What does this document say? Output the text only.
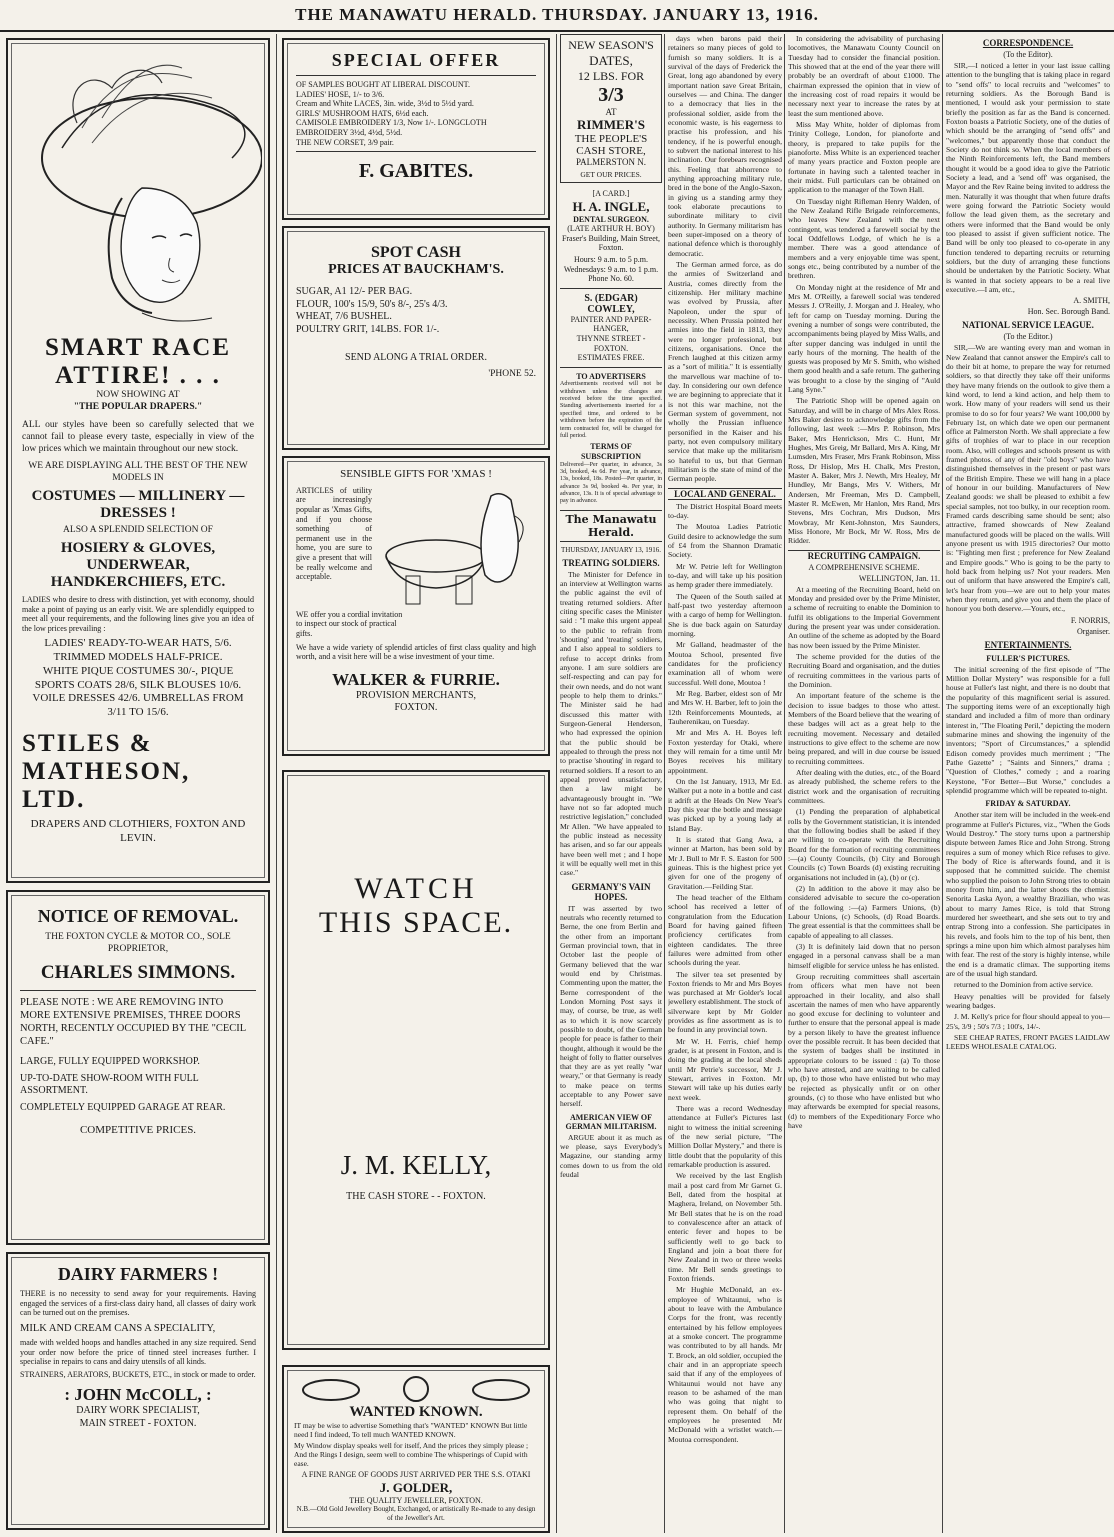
THE MANAWATU HERALD. THURSDAY. JANUARY 13, 1916.
SMART RACE
ATTIRE! . . .
NOW SHOWING AT
"THE POPULAR DRAPERS."

ALL our styles have been so carefully selected that we cannot fail to please every taste, especially in view of the low prices which we maintain throughout our new stock.

WE ARE DISPLAYING ALL THE BEST OF THE NEW MODELS IN
COSTUMES — MILLINERY — DRESSES !
ALSO A SPLENDID SELECTION OF
HOSIERY & GLOVES, UNDERWEAR, HANDKERCHIEFS, ETC.

LADIES who desire to dress with distinction, yet with economy, should make a point of paying us an early visit. We are splendidly equipped to meet all your requirements, and the following lines give you an idea of the low prices prevailing :

LADIES' READY-TO-WEAR HATS, 5/6.
TRIMMED MODELS HALF-PRICE.
WHITE PIQUE COSTUMES 30/-, PIQUE SPORTS COATS 28/6, SILK BLOUSES 10/6.
VOILE DRESSES 42/6. UMBRELLAS FROM 3/11 TO 15/6.
STILES &
MATHESON, LTD.
DRAPERS AND CLOTHIERS, FOXTON AND LEVIN.
NOTICE OF REMOVAL.
THE FOXTON CYCLE & MOTOR CO., SOLE PROPRIETOR,
CHARLES SIMMONS.
PLEASE NOTE : WE ARE REMOVING INTO MORE EXTENSIVE PREMISES, THREE DOORS NORTH, RECENTLY OCCUPIED BY THE "CECIL CAFE."
LARGE, FULLY EQUIPPED WORKSHOP.
UP-TO-DATE SHOW-ROOM WITH FULL ASSORTMENT.
COMPLETELY EQUIPPED GARAGE AT REAR.
COMPETITIVE PRICES.
DAIRY FARMERS !

THERE is no necessity to send away for your requirements. Having engaged the services of a first-class dairy hand, all classes of dairy work can be turned out on the premises.

MILK AND CREAM CANS A SPECIALITY,

made with welded hoops and handles attached in any size required. Send your order now before the price of tinned steel increases further. I specialise in repairs to cans and dairy utensils of all kinds.

STRAINERS, AERATORS, BUCKETS, ETC., in stock or made to order.
: JOHN McCOLL, :
DAIRY WORK SPECIALIST,
MAIN STREET - FOXTON.
SPECIAL OFFER
OF SAMPLES BOUGHT AT LIBERAL DISCOUNT.
LADIES' HOSE, 1/- to 3/6.
Cream and White LACES, 3in. wide, 3½d to 5½d yard.
GIRLS' MUSHROOM HATS, 6½d each.
CAMISOLE EMBROIDERY 1/3, Now 1/-. LONGCLOTH EMBROIDERY 3½d, 4½d, 5½d.
THE NEW CORSET, 3/9 pair.
F. GABITES.
SPOT CASH
PRICES AT BAUCKHAM'S.
SUGAR, A1 12/- PER BAG.
FLOUR, 100's 15/9, 50's 8/-, 25's 4/3.
WHEAT, 7/6 BUSHEL.
POULTRY GRIT, 14LBS. FOR 1/-.
SEND ALONG A TRIAL ORDER.
'PHONE 52.
SENSIBLE GIFTS FOR 'XMAS !
ARTICLES of utility are increasingly popular as 'Xmas Gifts, and if you choose something of permanent use in the home, you are sure to give a present that will be really welcome and acceptable.
WE offer you a cordial invitation to inspect our stock of practical gifts.
We have a wide variety of splendid articles of first class quality and high worth, and a visit here will be a wise investment of your time.
WALKER & FURRIE.
PROVISION MERCHANTS,
FOXTON.
WATCH
THIS SPACE.
J. M. KELLY,
THE CASH STORE - - FOXTON.
WANTED KNOWN.
IT may be wise to advertise Something that's "WANTED" KNOWN But little need I find indeed, To tell much WANTED KNOWN.
My Window display speaks well for itself, And the prices they simply please ; And the Rings I design, seem well to combine The whisperings of Cupid with ease.
A FINE RANGE OF GOODS JUST ARRIVED PER THE S.S. OTAKI
J. GOLDER,
THE QUALITY JEWELLER, FOXTON.
N.B.—Old Gold Jewellery Bought, Exchanged, or artistically Re-made to any design of the Jeweller's Art.
NEW SEASON'S
DATES,
12 LBS. FOR
3/3
AT
RIMMER'S
THE PEOPLE'S
CASH STORE,
PALMERSTON N.
GET OUR PRICES.
[A CARD.]
H. A. INGLE,
DENTAL SURGEON.
(LATE ARTHUR H. BOY)
Fraser's Building, Main Street, Foxton.
Hours: 9 a.m. to 5 p.m. Wednesdays: 9 a.m. to 1 p.m.
Phone No. 60.
S. (EDGAR) COWLEY,
PAINTER AND PAPER-HANGER,
THYNNE STREET - FOXTON.
ESTIMATES FREE.
TO ADVERTISERS

Advertisements received will not be withdrawn unless the changes are received before the time specified. Standing advertisements inserted for a specified time, and ordered to be withdrawn before the expiration of the term contracted for, will be charged for full period.

TERMS OF SUBSCRIPTION

Delivered—Per quarter, in advance, 3s 3d, booked, 4s 6d. Per year, in advance, 13s, booked, 18s. Posted—Per quarter, in advance 3s 9d, booked 4s. Per year, in advance, 13s. It is of special advantage to pay in advance.

The Manawatu Herald.
THURSDAY, JANUARY 13, 1916.
TREATING SOLDIERS.

The Minister for Defence in an interview at Wellington warns the public against the evil of treating returned soldiers. After citing specific cases the Minister said : "I make this urgent appeal to the public to refrain from 'shouting' and 'treating' soldiers, and I also appeal to soldiers to refuse to accept drinks from anyone. I am sure soldiers are self-respecting and can pay for their own needs, and do not want people to help them to drinks." The Minister said he had discussed this matter with Surgeon-General Henderson, who had expressed the opinion that the public should be appealed to through the press not to practise 'shouting' in regard to returned soldiers. If a resort to an appeal proved unsatisfactory, then a law might be advantageously brought in. "We have not so far adopted much restrictive legislation," concluded Mr Allen. "We have appealed to the public instead as necessity has arisen, and so far our appeals have been well met ; and I hope it will be equally well met in this case."

GERMANY'S VAIN HOPES.

IT was asserted by two neutrals who recently returned to Berne, the one from Berlin and the other from an important German provincial town, that in October last the people of Germany believed that the war would end by Christmas. Commenting upon the matter, the Berne correspondent of the London Morning Post says it may, of course, be true, as well as to which it is now scarcely possible to doubt, of the German people for peace is father to their thought, although it would be the height of folly to flatter ourselves that they are as yet really "war weary," or that Germany is ready to make peace on terms acceptable to any Power save herself.

AMERICAN VIEW OF GERMAN MILITARISM.

ARGUE about it as much as we please, says Everybody's Magazine, our standing army comes down to us from the old feudal

days when barons paid their retainers so many pieces of gold to furnish so many soldiers. It is a survival of the days of Frederick the Great, long ago abandoned by every important nation save Great Britain, ourselves — and China. The danger to a democracy that lies in the professional soldier, aside from the economic waste, is his eagerness to practise his profession, and his tendency, if he is powerful enough, to subvert the national interest to his inclination. Our forebears recognised this. Feeling that abhorrence to anything approaching military rule, bred in the bone of the Anglo-Saxon, in giving us a standing army they took elaborate precautions to subordinate military to civil authority. In Germany militarism has been super-imposed on a theory of national defence which is thoroughly democratic.

The German armed force, as do the armies of Switzerland and Austria, comes directly from the citizenship. Her military machine was evolved by Prussia, after Napoleon, under the spur of necessity. When Prussia pointed her armies into the field in 1813, they were no longer professional, but citizens, organisations. Once the French laughed at this citizen army as a "sort of militia." It is essentially the marvellous war machine of to-day. In considering our own defence we are beginning to appreciate that it is not this war machine, not the German system of government, not wholly the Prussian influence personified in the Kaiser and his party, not even compulsory military service that make up the militarism so hateful to us, but that German militarism is the state of mind of the German people.

LOCAL AND GENERAL.

The District Hospital Board meets to-day.

The Moutoa Ladies Patriotic Guild desire to acknowledge the sum of £4 from the Shannon Dramatic Society.

Mr W. Petrie left for Wellington to-day, and will take up his position as hemp grader there immediately.

The Queen of the South sailed at half-past two yesterday afternoon with a cargo of hemp for Wellington. She is due back again on Saturday morning.

Mr Galland, headmaster of the Moutoa School, presented five candidates for the proficiency examination all of whom were successful. Well done, Moutoa !

Mr Reg. Barber, eldest son of Mr and Mrs W. H. Barber, left to join the 12th Reinforcements Mounteds, at Tauherenikau, on Tuesday.

Mr and Mrs A. H. Boyes left Foxton yesterday for Otaki, where they will remain for a time until Mr Boyes receives his military appointment.

On the 1st January, 1913, Mr Ed. Walker put a note in a bottle and cast it adrift at the Heads On New Year's Day this year the bottle and message was picked up by a young lady at Island Bay.

It is stated that Gang Awa, a winner at Marton, has been sold by Mr J. Bull to Mr F. S. Easton for 500 guineas. This is the highest price yet given for one of the progeny of Gravitation.—Feilding Star.

The head teacher of the Eltham school has received a letter of congratulation from the Education Board for having gained fifteen proficiency certificates from eighteen candidates. The three failures were admitted from other schools during the year.

The silver tea set presented by Foxton friends to Mr and Mrs Boyes was purchased at Mr Golder's local jewellery establishment. The stock of silverware kept by Mr Golder provides as fine assortment as is to be found in any provincial town.

Mr W. H. Ferris, chief hemp grader, is at present in Foxton, and is doing the grading at the local sheds until Mr Petrie's successor, Mr J. Stewart, arrives in Foxton. Mr Stewart will take up his duties early next week.

There was a record Wednesday attendance at Fuller's Pictures last night to witness the initial screening of the new serial picture, "The Million Dollar Mystery," and there is little doubt that the popularity of this remarkable production is assured.

We received by the last English mail a post card from Mr Garnet G. Bell, dated from the hospital at Maghera, Ireland, on November 5th. Mr Bell states that he is on the road to convalescence after an attack of enteric fever and hopes to be sufficiently well to go back to England and join a boat there for New Zealand in two or three weeks time. Mr Bell sends greetings to Foxton friends.

Mr Hughie McDonald, an ex-employee of Whitaunui, who is about to leave with the Ambulance Corps for the front, was recently entertained by his fellow employees at a smoke concert. The programme was contributed to by all hands. Mr T. Brock, an old soldier, occupied the chair and in an appropriate speech said that if any of the employees of Whitaunui would not have any reason to be ashamed of the man who was going that night to represent them. On behalf of the employees he presented Mr McDonald with a wristlet watch.—Moutoa correspondent.

In considering the advisability of purchasing locomotives, the Manawatu County Council on Tuesday had to consider the financial position. This showed that at the end of the year there will probably be an overdraft of about £1000. The chairman expressed the opinion that in view of the increasing cost of road repairs it would be necessary next year to increase the rates by at least the sum mentioned above.

Miss May White, holder of diplomas from Trinity College, London, for pianoforte and theory, is prepared to take pupils for the pianoforte. Miss White is an experienced teacher of many years practice and Foxton people are fortunate in having such a talented teacher in their midst. Full particulars can be obtained on application to the manager of the Town Hall.

On Tuesday night Rifleman Henry Walden, of the New Zealand Rifle Brigade reinforcements, who leaves New Zealand with the next contingent, was tendered a farewell social by the local Oddfellows Lodge, of which he is a member. There was a good attendance of members and a very enjoyable time was spent, songs etc., being contributed by a number of the brethren.

On Monday night at the residence of Mr and Mrs M. O'Reilly, a farewell social was tendered Messrs J. O'Reilly, J. Morgan and J. Healey, who left for camp on Tuesday morning. During the evening a number of songs were contributed, the accompaniments being played by Miss Walls, and after supper dancing was indulged in until the early hours of the morning. The health of the guests was proposed by Mr S. Smith, who wished them good health and a safe return. The gathering was brought to a close by the singing of "Auld Lang Syne."

The Patriotic Shop will be opened again on Saturday, and will be in charge of Mrs Alex Ross. Mrs Baker desires to acknowledge gifts from the following, last week :—Mrs P. Robinson, Mrs Baker, Mrs Henrickson, Mrs C. Hunt, Mr Hughes, Mrs Greig, Mr Ballard, Mrs A. King, Mr Lumsden, Mrs Fraser, Mrs Frank Robinson, Miss Ross, Dr Hislop, Mrs H. Chalk, Mrs Preston, Master A. Baker, Mrs J. Newth, Mrs Healey, Mr Hundley, Mr Bangs, Mrs V. Withers, Mr Andersen, Mr Freeman, Mrs D. Campbell, Master R. McEwen, Mr Hanlon, Mrs Rand, Mrs Stevens, Mrs Cochran, Mrs Dudson, Mrs Mowbray, Mr Kent-Johnston, Mrs Saunders, Miss Honore, Mr Bock, Mr W. Ross, Mrs de Ridder.

RECRUITING CAMPAIGN.
A COMPREHENSIVE SCHEME.
WELLINGTON, Jan. 11.

At a meeting of the Recruiting Board, held on Monday and presided over by the Prime Minister, a scheme of recruiting to enable the Dominion to fulfil its obligations to the Imperial Government during the present year was under consideration. An outline of the scheme as adopted by the Board has now been issued by the Prime Minister.

The scheme provided for the duties of the Recruiting Board and organisation, and the duties of recruiting committees in the various parts of the Dominion.

An important feature of the scheme is the decision to issue badges to those who attest. Members of the Board believe that the wearing of these badges will act as a great help to the recruiting movement. Necessary and detailed instructions to give effect to the scheme are now being prepared, and will in due course be issued to recruiting committees.

After dealing with the duties, etc., of the Board as already published, the scheme refers to the district work and the organisation of recruiting committees.

(1) Pending the preparation of alphabetical rolls by the Government statistician, it is intended that the following bodies shall be asked if they are willing to co-operate with the Recruiting Board for the formation of recruiting committees :—(a) County Councils, (b) City and Borough Councils (c) Town Boards (d) existing recruiting organisations not included in (a), (b) or (c).

(2) In addition to the above it may also be considered advisable to secure the co-operation of the following :—(a) Farmers Unions, (b) Labour Unions, (c) Schools, (d) Road Boards. The great essential is that the committees shall be capable of appealing to all classes.

(3) It is definitely laid down that no person engaged in a personal canvass shall be a man himself eligible for service unless he has enlisted.

Group recruiting committees shall ascertain from officers what men have not been approached in their locality, and also shall ascertain the names of men who have apparently no good excuse for declining to volunteer and further to ensure that the personal appeal is made by a person likely to have the greatest influence over the possible recruit. It has been decided that the system of badges shall be instituted in appropriate colours to be issued : (a) To those who have attested, and are waiting to be called up, (b) to those who have enlisted but who may be rejected as physically unfit or on other grounds, (c) to those who have enlisted but who may afterwards be exempted for special reasons, (d) to members of the Expeditionary Force who have

CORRESPONDENCE.
(To the Editor).

SIR,—I noticed a letter in your last issue calling attention to the bungling that is taking place in regard to "send offs" to local recruits and "welcomes" to returning soldiers. As the Borough Band is mentioned, I would ask your permission to state briefly the position as far as the Band is concerned. Foxton boasts a Patriotic Society, one of the duties of which should be the arranging of "send offs" and "welcomes," but apparently those that conduct the Society do not think so. When the local members of the Ninth Reinforcements left, the Band members thought it would be a good idea to give the Patriotic Society a lead, and a 'send off' was organised, the Mayor and the Rev Raine being invited to address the men. Naturally it was thought that when future drafts were going forward the Patriotic Society would follow the lead given them, as the secretary and others were informed that the Band would be only too pleased to assist if given sufficient notice. The Band will be only too pleased to co-operate in any function tendered to departing recruits or returning soldiers, but the duty of arranging these functions should be undertaken by the Patriotic Society. What is wanted in that society appears to be a real live executive.—I am, etc.,

A. SMITH,
Hon. Sec. Borough Band.
NATIONAL SERVICE LEAGUE.
(To the Editor.)

SIR,—We are wanting every man and woman in New Zealand that cannot answer the Empire's call to do their bit at home, to prepare the way for returned soldiers, so that directly they take off their uniforms they have many friends on the outlook to give them a kind word, to lend a kind action, and help them to work. How many of your readers will send us their promise to do so for four years? We want 100,000 by February 1st, on which date we open our permanent office at Palmerston North. We shall appreciate a few gifts of trophies of war to place in our reception room. Also, will colleges and schools present us with framed photos. of any of their "old boys" who have distinguished themselves in the present or past wars of the British Empire. These we will hang in a place of honour in our building. Manufacturers of New Zealand goods: we shall be pleased to exhibit a few special samples, not too bulky, in our reception room. Framed cards describing same should be sent; also attractive, framed showcards of New Zealand manufactured goods will be placed on the walls. Will anyone present us with 1915 directories? Our motto is: "Fighting men first ; preference for New Zealand and Empire goods." Who is going to be the party to hold back from helping us? Not your readers. Men out of uniform that have answered the Empire's call, let's hear from you—we are out to help your mates when they return, and give you and them the place of honour you both deserve.—Yours, etc.,

F. NORRIS,
Organiser.
ENTERTAINMENTS.
FULLER'S PICTURES.

The initial screening of the first episode of "The Million Dollar Mystery" was responsible for a full house at Fuller's last night, and there is no doubt that the popularity of this magnificent serial is assured. The supporting items were of an exceptionally high standard and included a film of more than ordinary interest in, "The Floating Peril," depicting the modern submarine mines and showing the ingenuity of the inventors; "Sport of Circumstances," a splendid Edison comedy provides much merriment ; "The Pathe Gazette" ; "Saints and Sinners," drama ; "Question of Clothes," comedy ; and a roaring Keystone, "For Better—But Worse," concludes a splendid programme which will be repeated to-night.

FRIDAY & SATURDAY.

Another star item will be included in the week-end programme at Fuller's Pictures, viz., "When the Gods Would Destroy." The story turns upon a partnership dispute between James Rice and John Strong. Strong requires a sum of money which Rice refuses to give. The body of Rice is afterwards found, and it is supposed that he committed suicide. The chemist who supplied the poison to John Strong tries to obtain money from him, and the latter shoots the chemist. Senorita Laska Ayon, a wealthy Brazilian, who was about to marry James Rice, is told that Strong murdered her sweetheart, and she sets out to try and entrap Strong into a confession. She participates in his revels, and fools him to the top of his bent, then springs a mine upon him which almost paralyses him with fear. The rest of the story is highly intense, while the end is a dramatic climax. The supporting items are of the usual high standard.

returned to the Dominion from active service.

Heavy penalties will be provided for falsely wearing badges.

J. M. Kelly's price for flour should appeal to you—25's, 3/9 ; 50's 7/3 ; 100's, 14/-.

SEE CHEAP RATES, FRONT PAGES LAIDLAW LEEDS WHOLESALE CATALOG.
